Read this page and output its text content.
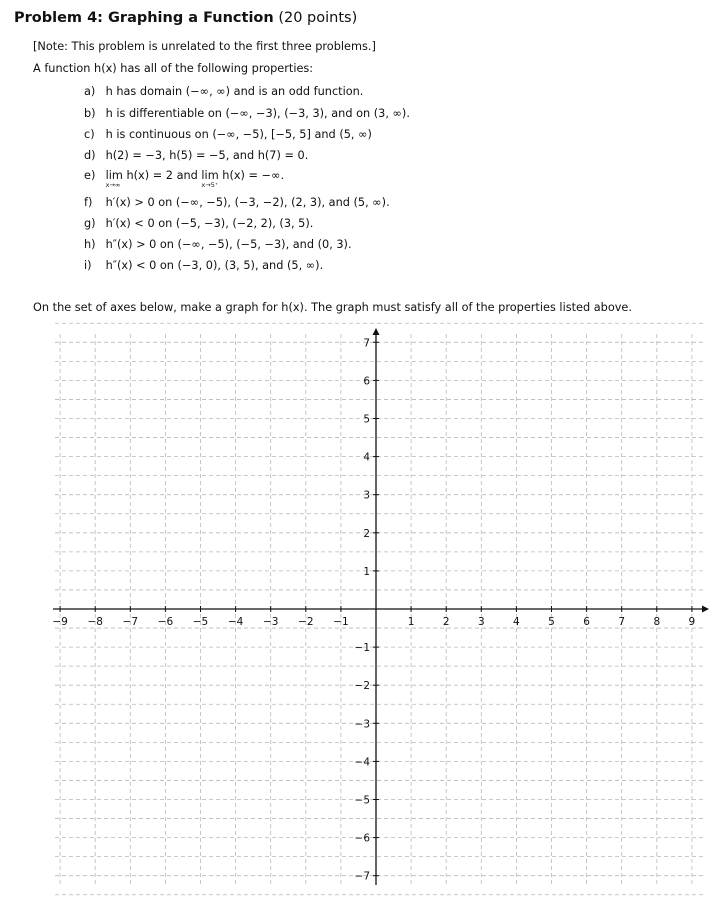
Problem 4: Graphing a Function (20 points)
[Note: This problem is unrelated to the first three problems.]
A function h(x) has all of the following properties:
a) h has domain (−∞, ∞) and is an odd function.
b) h is differentiable on (−∞, −3), (−3, 3), and on (3, ∞).
c) h is continuous on (−∞, −5), [−5, 5] and (5, ∞)
d) h(2) = −3, h(5) = −5, and h(7) = 0.
e) lim
x→∞
h(x) = 2 and lim
x→5⁺
h(x) = −∞.
f) h′(x) > 0 on (−∞, −5), (−3, −2), (2, 3), and (5, ∞).
g) h′(x) < 0 on (−5, −3), (−2, 2), (3, 5).
h) h″(x) > 0 on (−∞, −5), (−5, −3), and (0, 3).
i) h″(x) < 0 on (−3, 0), (3, 5), and (5, ∞).
On the set of axes below, make a graph for h(x). The graph must satisfy all of the properties listed above.
−9 −8 −7 −6 −5 −4 −3 −2 −1	1	2	3	4	5	6	7	8	9
7
6
5
4
3
2
1
−1
−2
−3
−4
−5
−6
−7
